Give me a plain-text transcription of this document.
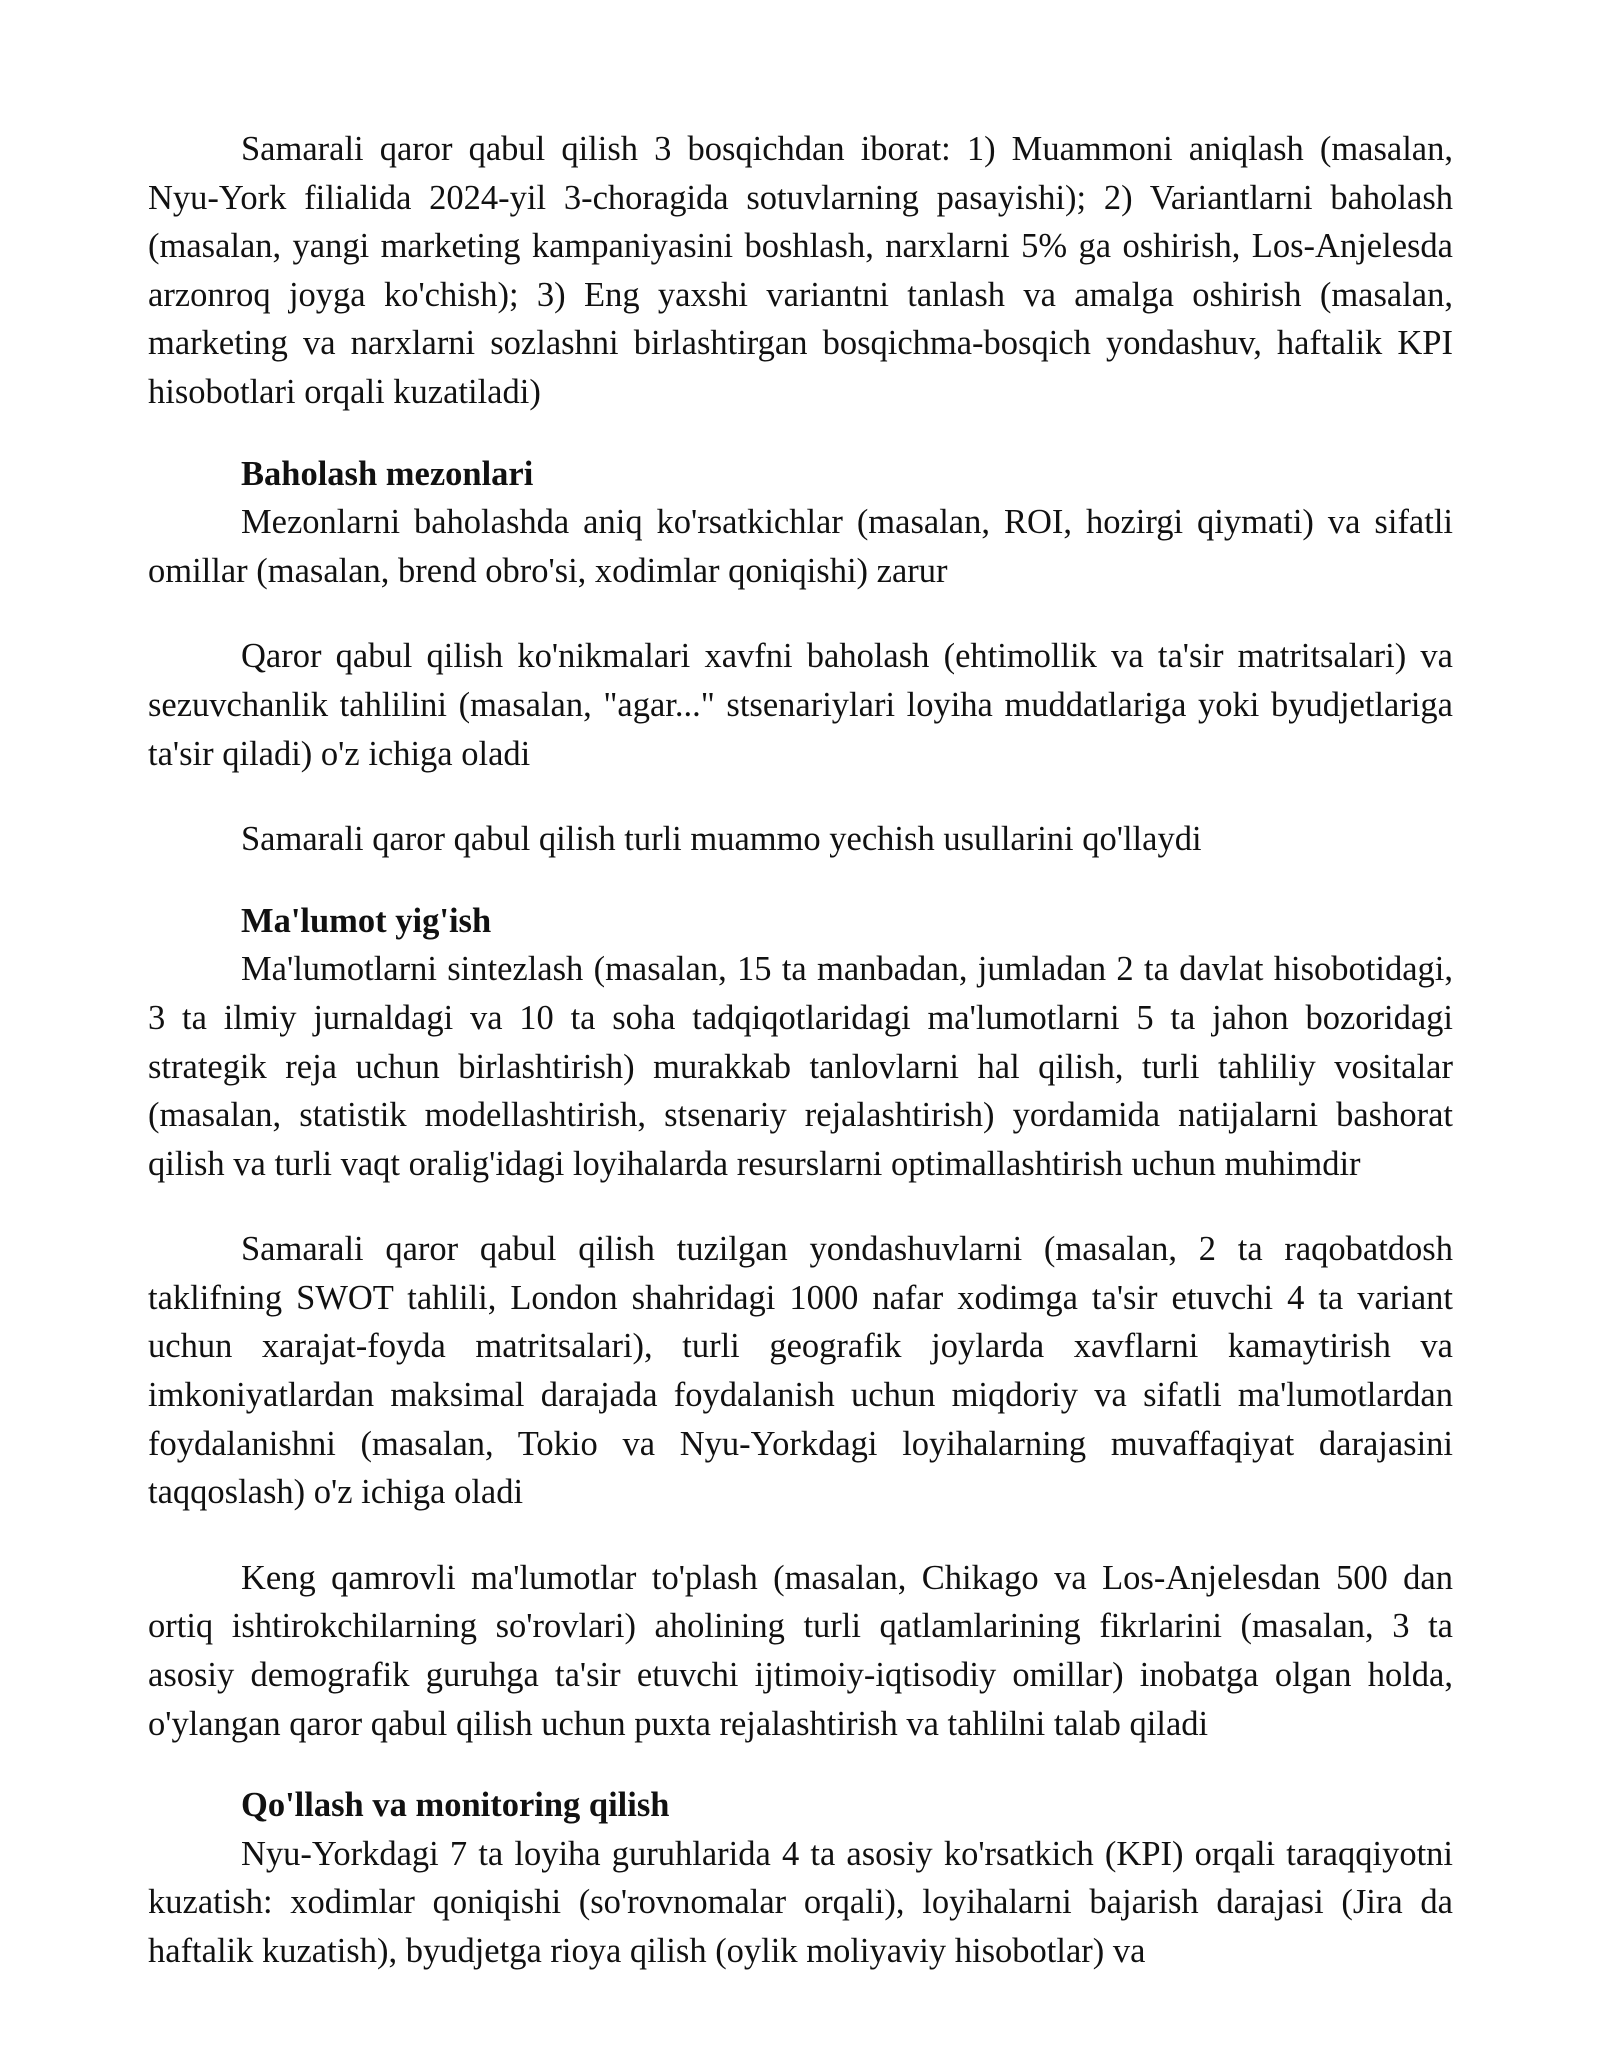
Samarali qaror qabul qilish 3 bosqichdan iborat: 1) Muammoni aniqlash (masalan, Nyu-York filialida 2024-yil 3-choragida sotuvlarning pasayishi); 2) Variantlarni baholash (masalan, yangi marketing kampaniyasini boshlash, narxlarni 5% ga oshirish, Los-Anjelesda arzonroq joyga ko'chish); 3) Eng yaxshi variantni tanlash va amalga oshirish (masalan, marketing va narxlarni sozlashni birlashtirgan bosqichma-bosqich yondashuv, haftalik KPI hisobotlari orqali kuzatiladi)

Baholash mezonlari

Mezonlarni baholashda aniq ko'rsatkichlar (masalan, ROI, hozirgi qiymati) va sifatli omillar (masalan, brend obro'si, xodimlar qoniqishi) zarur

Qaror qabul qilish ko'nikmalari xavfni baholash (ehtimollik va ta'sir matritsalari) va sezuvchanlik tahlilini (masalan, "agar..." stsenariylari loyiha muddatlariga yoki byudjetlariga ta'sir qiladi) o'z ichiga oladi

Samarali qaror qabul qilish turli muammo yechish usullarini qo'llaydi

Ma'lumot yig'ish

Ma'lumotlarni sintezlash (masalan, 15 ta manbadan, jumladan 2 ta davlat hisobotidagi, 3 ta ilmiy jurnaldagi va 10 ta soha tadqiqotlaridagi ma'lumotlarni 5 ta jahon bozoridagi strategik reja uchun birlashtirish) murakkab tanlovlarni hal qilish, turli tahliliy vositalar (masalan, statistik modellashtirish, stsenariy rejalashtirish) yordamida natijalarni bashorat qilish va turli vaqt oralig'idagi loyihalarda resurslarni optimallashtirish uchun muhimdir

Samarali qaror qabul qilish tuzilgan yondashuvlarni (masalan, 2 ta raqobatdosh taklifning SWOT tahlili, London shahridagi 1000 nafar xodimga ta'sir etuvchi 4 ta variant uchun xarajat-foyda matritsalari), turli geografik joylarda xavflarni kamaytirish va imkoniyatlardan maksimal darajada foydalanish uchun miqdoriy va sifatli ma'lumotlardan foydalanishni (masalan, Tokio va Nyu-Yorkdagi loyihalarning muvaffaqiyat darajasini taqqoslash) o'z ichiga oladi

Keng qamrovli ma'lumotlar to'plash (masalan, Chikago va Los-Anjelesdan 500 dan ortiq ishtirokchilarning so'rovlari) aholining turli qatlamlarining fikrlarini (masalan, 3 ta asosiy demografik guruhga ta'sir etuvchi ijtimoiy-iqtisodiy omillar) inobatga olgan holda, o'ylangan qaror qabul qilish uchun puxta rejalashtirish va tahlilni talab qiladi

Qo'llash va monitoring qilish

Nyu-Yorkdagi 7 ta loyiha guruhlarida 4 ta asosiy ko'rsatkich (KPI) orqali taraqqiyotni kuzatish: xodimlar qoniqishi (so'rovnomalar orqali), loyihalarni bajarish darajasi (Jira da haftalik kuzatish), byudjetga rioya qilish (oylik moliyaviy hisobotlar) va
